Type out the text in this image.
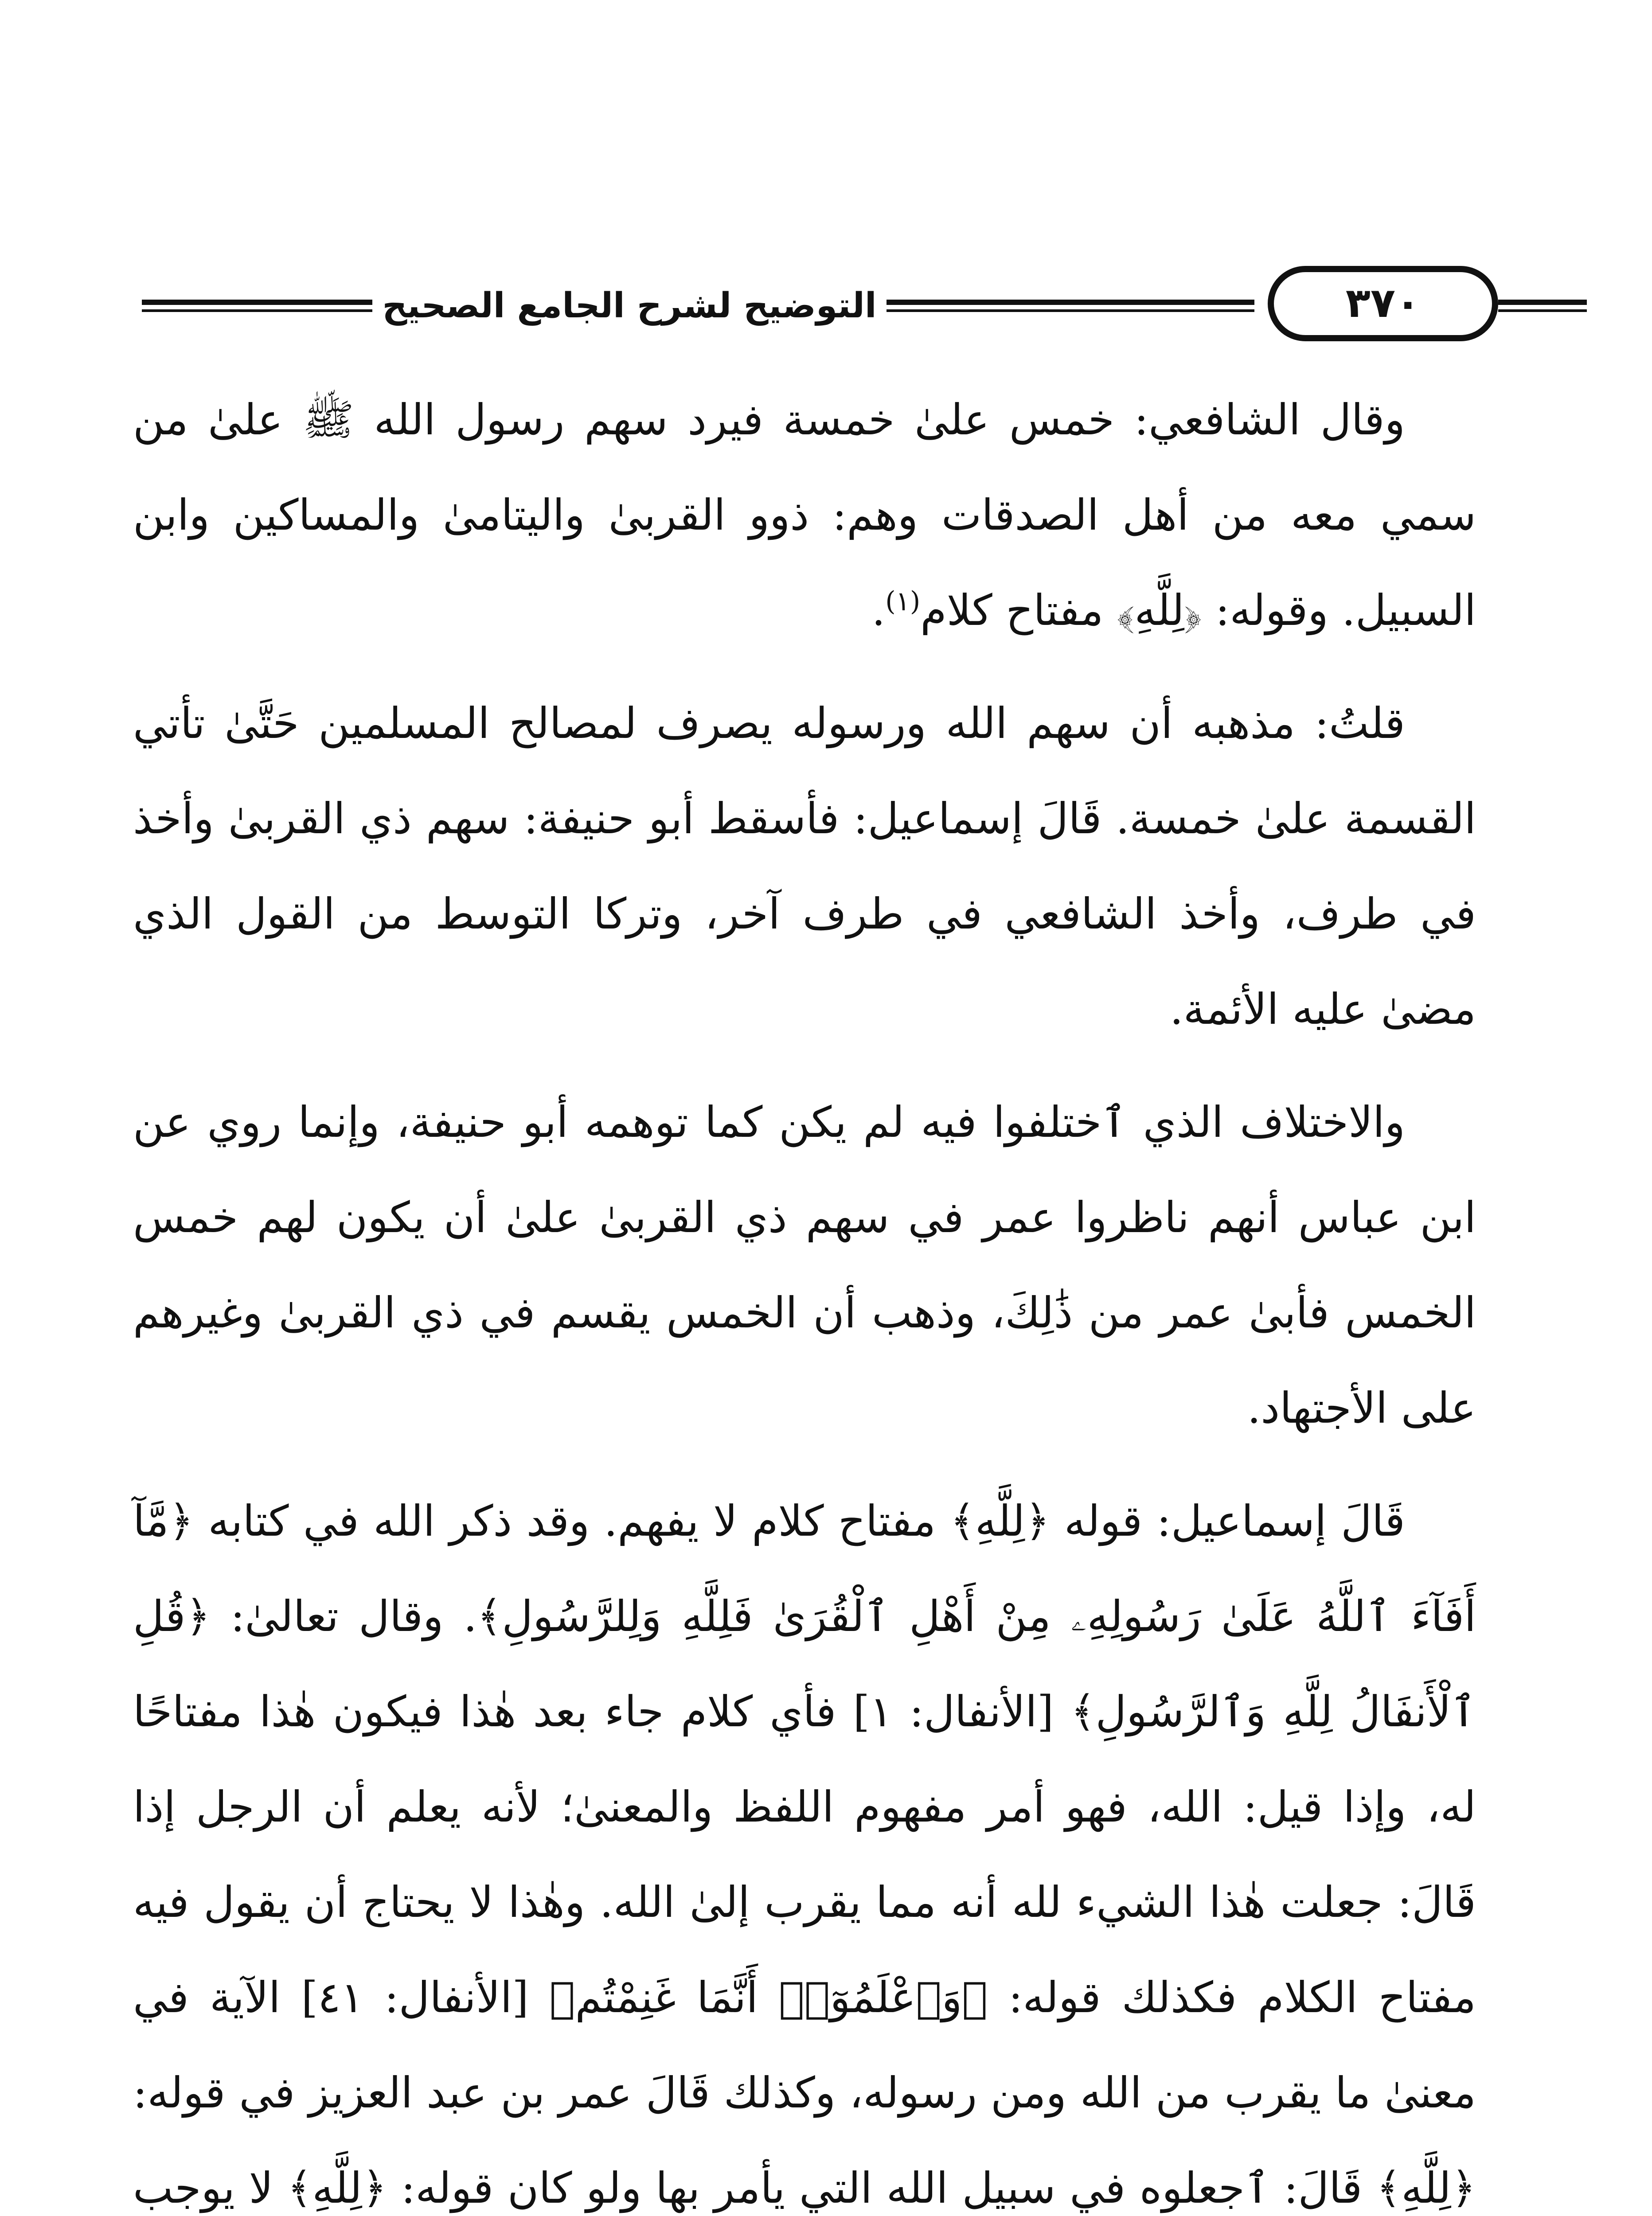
التوضيح لشرح الجامع الصحيح	٣٧٠

وقال الشافعي: خمس علىٰ خمسة فيرد سهم رسول الله ﷺ علىٰ من سمي معه من أهل الصدقات وهم: ذوو القربىٰ واليتامىٰ والمساكين وابن السبيل. وقوله: ﴿لِلَّهِ﴾ مفتاح كلام$^{(١)}$.

قلتُ: مذهبه أن سهم الله ورسوله يصرف لمصالح المسلمين حَتَّىٰ تأتي القسمة علىٰ خمسة. قَالَ إسماعيل: فأسقط أبو حنيفة: سهم ذي القربىٰ وأخذ في طرف، وأخذ الشافعي في طرف آخر، وتركا التوسط من القول الذي مضىٰ عليه الأئمة.

والاختلاف الذي ٱختلفوا فيه لم يكن كما توهمه أبو حنيفة، وإنما روي عن ابن عباس أنهم ناظروا عمر في سهم ذي القربىٰ علىٰ أن يكون لهم خمس الخمس فأبىٰ عمر من ذَٰلِكَ، وذهب أن الخمس يقسم في ذي القربىٰ وغيرهم على الأجتهاد.

قَالَ إسماعيل: قوله ﴿لِلَّهِ﴾ مفتاح كلام لا يفهم. وقد ذكر الله في كتابه ﴿مَّآ أَفَآءَ ٱللَّهُ عَلَىٰ رَسُولِهِۦ مِنْ أَهْلِ ٱلْقُرَىٰ فَلِلَّهِ وَلِلرَّسُولِ﴾. وقال تعالىٰ: ﴿قُلِ ٱلْأَنفَالُ لِلَّهِ وَٱلرَّسُولِ﴾ [الأنفال: ١] فأي كلام جاء بعد هٰذا فيكون هٰذا مفتاحًا له، وإذا قيل: الله، فهو أمر مفهوم اللفظ والمعنىٰ؛ لأنه يعلم أن الرجل إذا قَالَ: جعلت هٰذا الشيء لله أنه مما يقرب إلىٰ الله. وهٰذا لا يحتاج أن يقول فيه مفتاح الكلام فكذلك قوله: ﴿وَٱعْلَمُوٓا۟ أَنَّمَا غَنِمْتُم﴾ [الأنفال: ٤١] الآية في معنىٰ ما يقرب من الله ومن رسوله، وكذلك قَالَ عمر بن عبد العزيز في قوله: ﴿لِلَّهِ﴾ قَالَ: ٱجعلوه في سبيل الله التي يأمر بها ولو كان قوله: ﴿لِلَّهِ﴾ لا يوجب
